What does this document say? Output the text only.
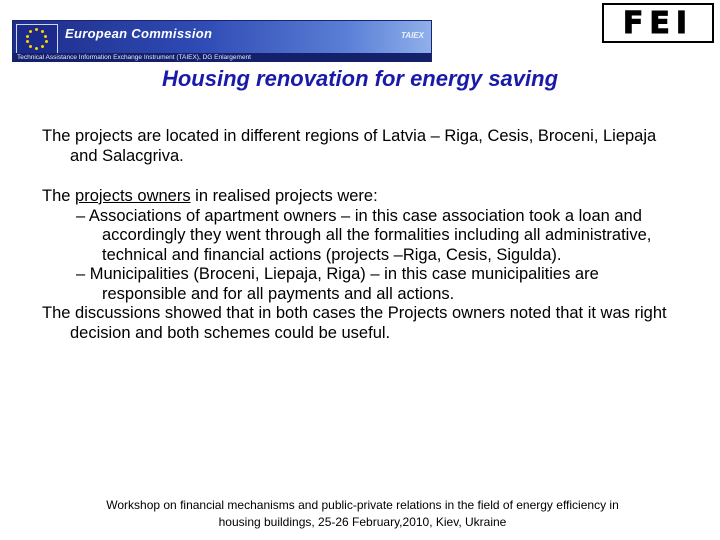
European Commission	TAIEX
Technical Assistance Information Exchange Instrument (TAIEX), DG Enlargement
FEI
Housing renovation for energy saving

The projects are located in different regions of Latvia – Riga, Cesis, Broceni, Liepaja and Salacgriva.

The projects owners in realised projects were:

– Associations of apartment owners – in this case association took a loan and accordingly they went through all the formalities including all administrative, technical and financial actions (projects –Riga, Cesis, Sigulda).

– Municipalities (Broceni, Liepaja, Riga) – in this case municipalities are responsible and for all payments and all actions.

The discussions showed that in both cases the Projects owners noted that it was right decision and both schemes could be useful.

Workshop on financial mechanisms and public-private relations in the field of energy efficiency in
housing buildings, 25-26 February,2010, Kiev, Ukraine
